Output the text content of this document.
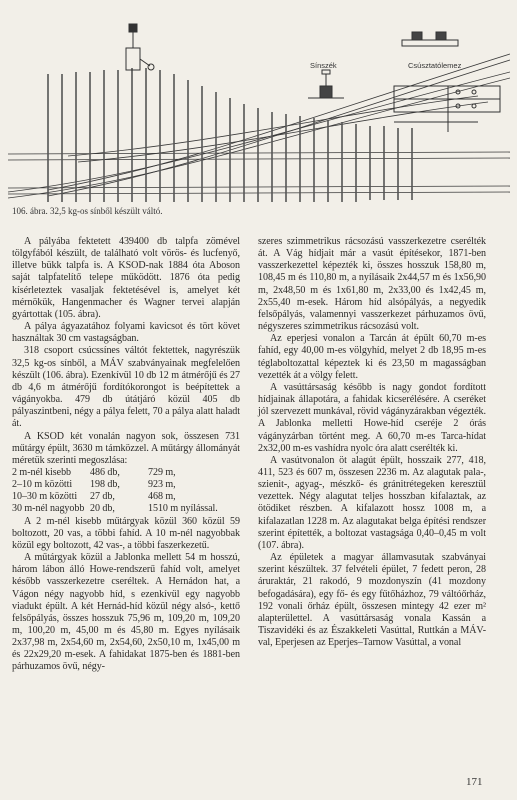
Sínszék	Csúsztatólemez
106. ábra. 32,5 kg-os sínből készült váltó.

A pályába fektetett 439400 db talpfa zömével tölgyfából készült, de található volt vörös- és lucfenyő, illetve bükk talpfa is. A KSOD-nak 1884 óta Aboson saját talpfatelítő telepe működött. 1876 óta pedig kísérleteztek vasaljak fektetésével is, amelyet két mérnökük, Hangenmacher és Wagner tervei alapján gyártottak (105. ábra).

A pálya ágyazatához folyami kavicsot és tört követ használtak 30 cm vastagságban.

318 csoport csúcssínes váltót fektettek, nagyrészük 32,5 kg-os sínből, a MÁV szabványainak megfelelően készült (106. ábra). Ezenkívül 10 db 12 m átmérőjű és 27 db 4,6 m átmérőjű fordítókorongot is beépítettek a vágányokba. 479 db útátjáró közül 405 db pályaszintbeni, négy a pálya felett, 70 a pálya alatt haladt át.

A KSOD két vonalán nagyon sok, összesen 731 műtárgy épült, 3630 m támközzel. A műtárgy állományát méretük szerinti megoszlása:

2 m-nél kisebb	486 db,	729 m,
2–10 m közötti	198 db,	923 m,
10–30 m közötti	27 db,	468 m,
30 m-nél nagyobb	20 db,	1510 m nyílással.

A 2 m-nél kisebb műtárgyak közül 360 közül 59 boltozott, 20 vas, a többi fahíd. A 10 m-nél nagyobbak közül egy boltozott, 42 vas-, a többi faszerkezetű.

A műtárgyak közül a Jablonka mellett 54 m hosszú, három lábon álló Howe-rendszerű fahíd volt, amelyet később vasszerkezetre cseréltek. A Hernádon hat, a Vágon négy nagyobb híd, s ezenkívül egy nagyobb viadukt épült. A két Hernád-híd közül négy alsó-, kettő felsőpályás, összes hosszuk 75,96 m, 109,20 m, 109,20 m, 100,20 m, 45,00 m és 45,80 m. Egyes nyílásaik 2x37,98 m, 2x54,60 m, 2x54,60, 2x50,10 m, 1x45,00 m és 22x29,20 m-esek. A fahidakat 1875-ben és 1881-ben párhuzamos övű, négy-

szeres szimmetrikus rácsozású vasszerkezetre cserélték át. A Vág hídjait már a vasút építésekor, 1871-ben vasszerkezettel képezték ki, összes hosszuk 158,80 m, 108,45 m és 110,80 m, a nyílásaik 2x44,57 m és 1x56,90 m, 2x48,50 m és 1x61,80 m, 2x33,00 és 1x42,45 m, 2x55,40 m-esek. Három híd alsópályás, a negyedik felsőpályás, valamennyi vasszerkezet párhuzamos övű, négyszeres szimmetrikus rácsozású volt.

Az eperjesi vonalon a Tarcán át épült 60,70 m-es fahíd, egy 40,00 m-es völgyhíd, melyet 2 db 18,95 m-es téglaboltozattal képeztek ki és 23,50 m magasságban vezették át a völgy felett.

A vasúttársaság később is nagy gondot fordított hídjainak állapotára, a fahidak kicserélésére. A cseréket jól szervezett munkával, rövid vágányzárakban végezték. A Jablonka melletti Howe-híd cseréje 2 órás vágányzárban történt meg. A 60,70 m-es Tarca-hídat 2x32,00 m-es vashídra nyolc óra alatt cserélték ki.

A vasútvonalon öt alagút épült, hosszaik 277, 418, 411, 523 és 607 m, összesen 2236 m. Az alagutak pala-, szienit-, agyag-, mészkő- és gránitrétegeken keresztül vezettek. Négy alagutat teljes hosszban kifalaztak, az ötödiket részben. A kifalazott hossz 1008 m, a kifalazatlan 1228 m. Az alagutakat belga építési rendszer szerint építették, a boltozat vastagsága 0,40–0,45 m volt (107. ábra).

Az épületek a magyar államvasutak szabványai szerint készültek. 37 felvételi épület, 7 fedett peron, 28 áruraktár, 21 rakodó, 9 mozdonyszín (41 mozdony befogadására), egy fő- és egy fűtőházhoz, 79 váltóőrház, 192 vonali őrház épült, összesen mintegy 42 ezer m² alapterülettel. A vasúttársaság vonala Kassán a Tiszavidéki és az Északkeleti Vasúttal, Ruttkán a MÁV-val, Eperjesen az Eperjes–Tarnow Vasúttal, a vonal

171
